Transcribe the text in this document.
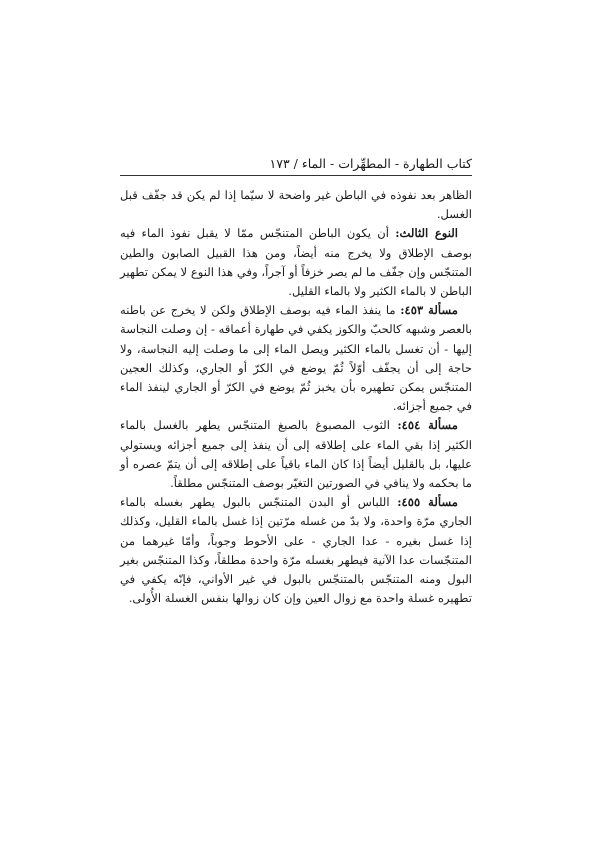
كتاب الطهارة - المطهِّرات - الماء / ١٧٣

الظاهر بعد نفوذه في الباطن غير واضحة لا سيّما إذا لم يكن قد جفّف قبل الغسل.

النوع الثالث: أن يكون الباطن المتنجّس ممّا لا يقبل نفوذ الماء فيه بوصف الإطلاق ولا يخرج منه أيضاً، ومن هذا القبيل الصابون والطين المتنجّس وإن جفّف ما لم يصر خزفاً أو آجراً، وفي هذا النوع لا يمكن تطهير الباطن لا بالماء الكثير ولا بالماء القليل.

مسألة ٤٥٣: ما ينفذ الماء فيه بوصف الإطلاق ولكن لا يخرج عن باطنه بالعصر وشبهه كالحبّ والكوز يكفي في طهارة أعماقه - إن وصلت النجاسة إليها - أن تغسل بالماء الكثير ويصل الماء إلى ما وصلت إليه النجاسة، ولا حاجة إلى أن يجفّف أوّلاً ثُمّ يوضع في الكرّ أو الجاري، وكذلك العجين المتنجّس يمكن تطهيره بأن يخبز ثُمّ يوضع في الكرّ أو الجاري لينفذ الماء في جميع أجزائه.

مسألة ٤٥٤: الثوب المصبوغ بالصبغ المتنجّس يطهر بالغسل بالماء الكثير إذا بقي الماء على إطلاقه إلى أن ينفذ إلى جميع أجزائه ويستولي عليها، بل بالقليل أيضاً إذا كان الماء باقياً على إطلاقه إلى أن يتمّ عصره أو ما بحكمه ولا ينافي في الصورتين التغيّر بوصف المتنجّس مطلقاً.

مسألة ٤٥٥: اللباس أو البدن المتنجّس بالبول يطهر بغسله بالماء الجاري مرّة واحدة، ولا بدّ من غسله مرّتين إذا غسل بالماء القليل، وكذلك إذا غسل بغيره - عدا الجاري - على الأحوط وجوباً، وأمّا غيرهما من المتنجّسات عدا الآنية فيطهر بغسله مرّة واحدة مطلقاً، وكذا المتنجّس بغير البول ومنه المتنجّس بالمتنجّس بالبول في غير الأواني، فإنّه يكفي في تطهيره غسلة واحدة مع زوال العين وإن كان زوالها بنفس الغسلة الأُولى.
